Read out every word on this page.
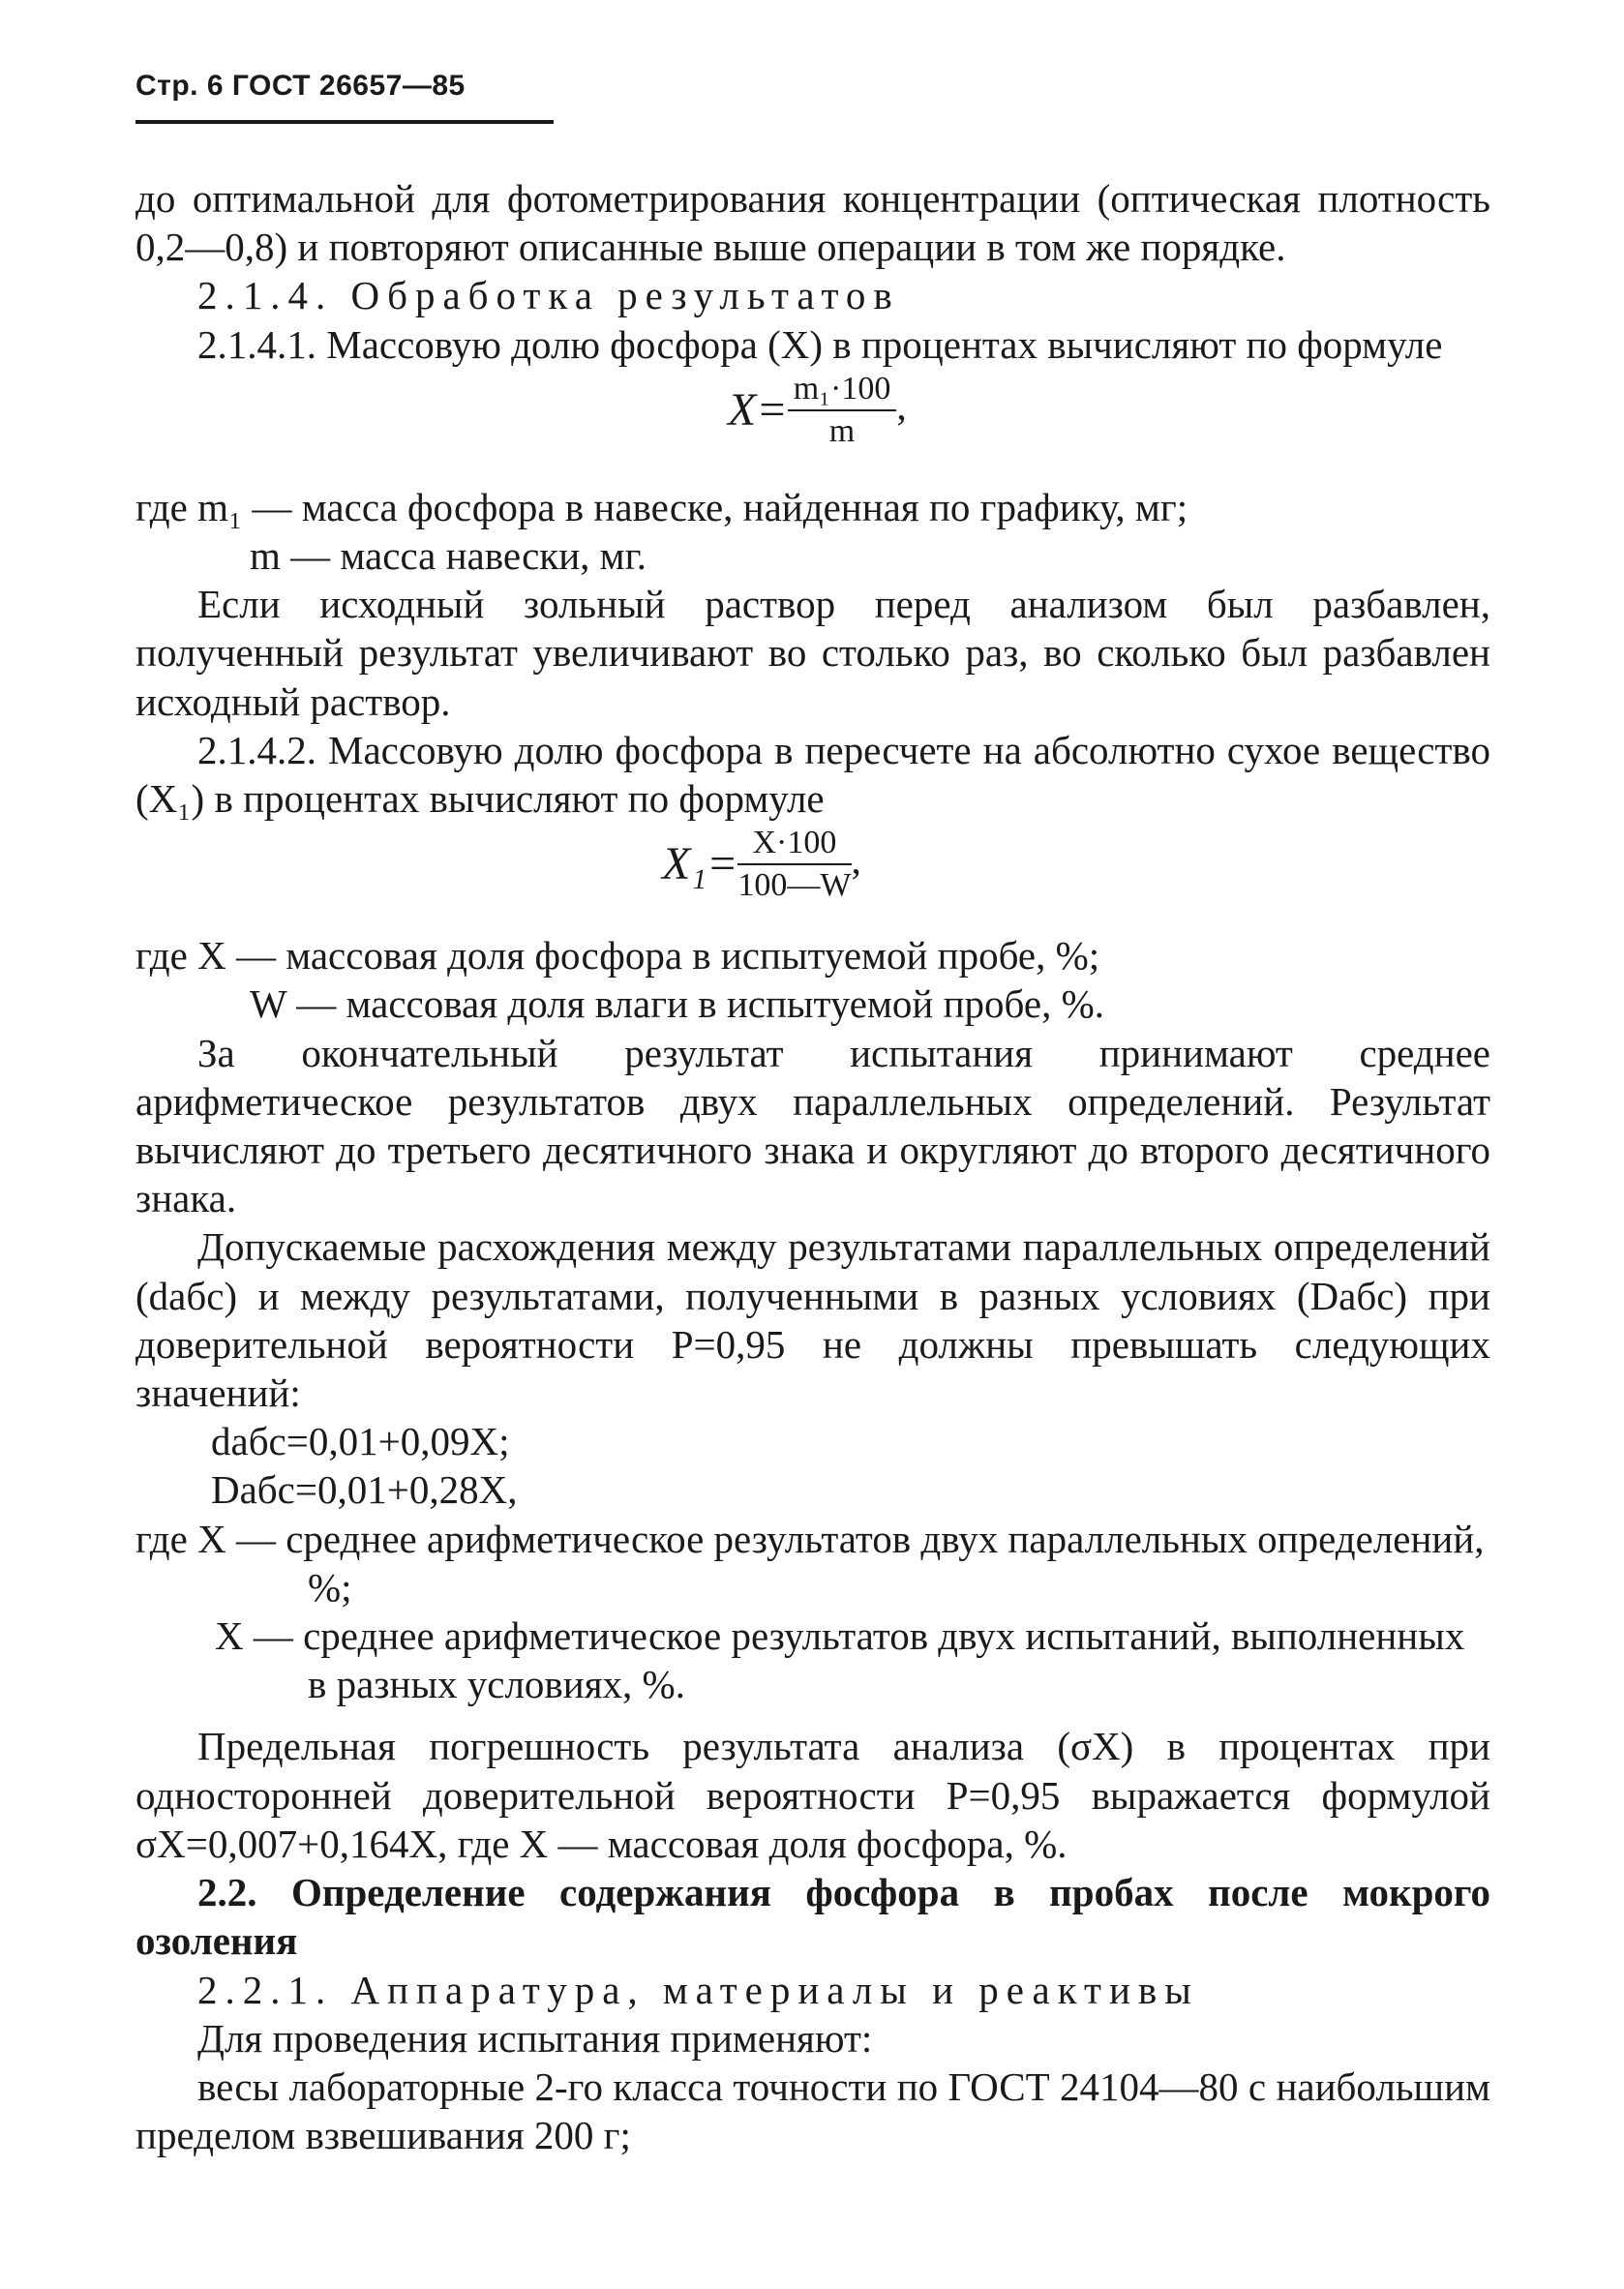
Стр. 6 ГОСТ 26657—85

до оптимальной для фотометрирования концентрации (оптическая плотность 0,2—0,8) и повторяют описанные выше операции в том же порядке.

2.1.4. Обработка результатов

2.1.4.1. Массовую долю фосфора (X) в процентах вычисляют по формуле

$X= \frac{\text{m₁·100}}{m}$ ,

где m₁ — масса фосфора в навеске, найденная по графику, мг;

m — масса навески, мг.

Если исходный зольный раствор перед анализом был разбавлен, полученный результат увеличивают во столько раз, во сколько был разбавлен исходный раствор.

2.1.4.2. Массовую долю фосфора в пересчете на абсолютно сухое вещество (X₁) в процентах вычисляют по формуле

$X_1= \frac{X\cdot 100}{100—W}$ ,

где X — массовая доля фосфора в испытуемой пробе, %;

W — массовая доля влаги в испытуемой пробе, %.

За окончательный результат испытания принимают среднее арифметическое результатов двух параллельных определений. Результат вычисляют до третьего десятичного знака и округляют до второго десятичного знака.

Допускаемые расхождения между результатами параллельных определений (dабс) и между результатами, полученными в разных условиях (Dабс) при доверительной вероятности P=0,95 не должны превышать следующих значений:

dабс=0,01+0,09X;

Dабс=0,01+0,28X,

где X — среднее арифметическое результатов двух параллельных определений, %;

X — среднее арифметическое результатов двух испытаний, выполненных в разных условиях, %.

Предельная погрешность результата анализа (σX) в процентах при односторонней доверительной вероятности P=0,95 выражается формулой σX=0,007+0,164X, где X — массовая доля фосфора, %.

2.2. Определение содержания фосфора в пробах после мокрого озоления

2.2.1. Аппаратура, материалы и реактивы

Для проведения испытания применяют:

весы лабораторные 2-го класса точности по ГОСТ 24104—80 с наибольшим пределом взвешивания 200 г;
